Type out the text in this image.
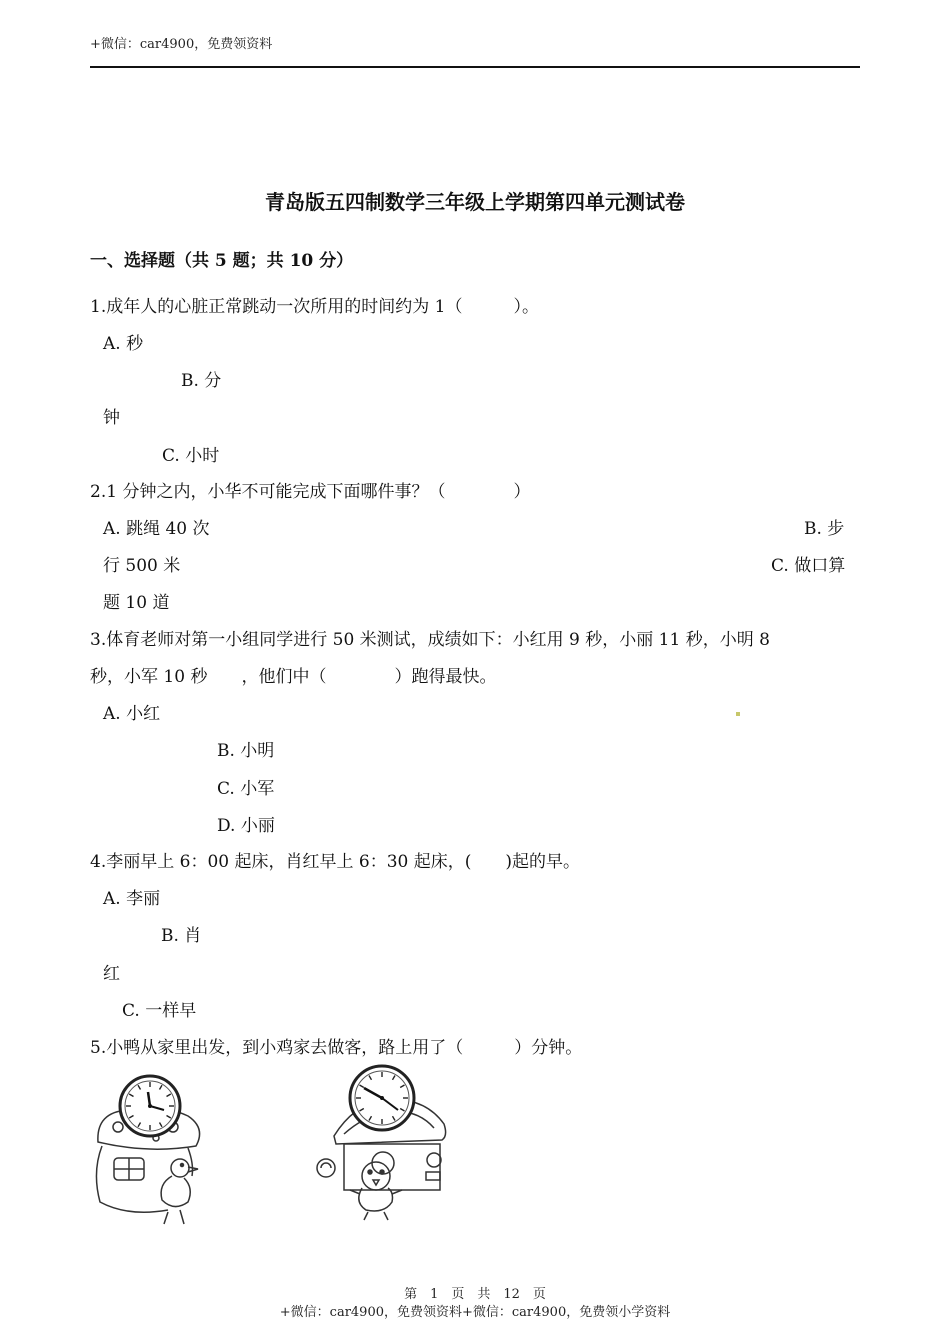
+微信：car4900，免费领资料
青岛版五四制数学三年级上学期第四单元测试卷
一、选择题（共 5 题；共 10 分）
1.成年人的心脏正常跳动一次所用的时间约为 1（　　　）。
A. 秒
B. 分
钟
C. 小时
2.1 分钟之内，小华不可能完成下面哪件事？（　　　　）
A. 跳绳 40 次	B. 步
行 500 米	C. 做口算
题 10 道
3.体育老师对第一小组同学进行 50 米测试，成绩如下：小红用 9 秒，小丽 11 秒，小明 8
秒，小军 10 秒　　，他们中（　　　　）跑得最快。
A. 小红
B. 小明
C. 小军
D. 小丽
4.李丽早上 6：00 起床，肖红早上 6：30 起床，(　　)起的早。
A. 李丽
B. 肖
红
C. 一样早
5.小鸭从家里出发，到小鸡家去做客，路上用了（　　　）分钟。
第　1　页　共　12　页
+微信：car4900，免费领资料+微信：car4900，免费领小学资料
